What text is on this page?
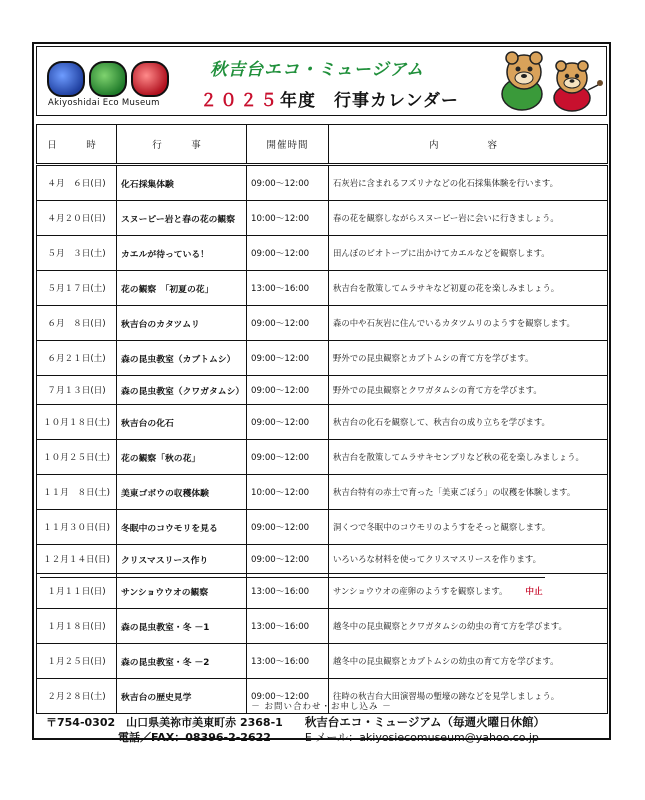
Akiyoshidai Eco Museum
秋吉台エコ・ミュージアム
２０２５年度　行事カレンダー
日　時	行　事	開催時間	内　　容
４月　６日(日)	化石採集体験	09:00～12:00	石灰岩に含まれるフズリナなどの化石採集体験を行います。
４月２０日(日)	スヌーピー岩と春の花の観察	10:00～12:00	春の花を観察しながらスヌーピー岩に会いに行きましょう。
５月　３日(土)	カエルが待っている！	09:00～12:00	田んぼのビオトープに出かけてカエルなどを観察します。
５月１７日(土)	花の観察　「初夏の花」	13:00～16:00	秋吉台を散策してムラサキなど初夏の花を楽しみましょう。
６月　８日(日)	秋吉台のカタツムリ	09:00～12:00	森の中や石灰岩に住んでいるカタツムリのようすを観察します。
６月２１日(土)	森の昆虫教室（カブトムシ）	09:00～12:00	野外での昆虫観察とカブトムシの育て方を学びます。
７月１３日(日)	森の昆虫教室（クワガタムシ）	09:00～12:00	野外での昆虫観察とクワガタムシの育て方を学びます。
１０月１８日(土)	秋吉台の化石	09:00～12:00	秋吉台の化石を観察して、秋吉台の成り立ちを学びます。
１０月２５日(土)	花の観察「秋の花」	09:00～12:00	秋吉台を散策してムラサキセンブリなど秋の花を楽しみましょう。
１１月　８日(土)	美東ゴボウの収穫体験	10:00～12:00	秋吉台特有の赤土で育った「美東ごぼう」の収穫を体験します。
１１月３０日(日)	冬眠中のコウモリを見る	09:00～12:00	洞くつで冬眠中のコウモリのようすをそっと観察します。
１２月１４日(日)	クリスマスリース作り	09:00～12:00	いろいろな材料を使ってクリスマスリースを作ります。
１月１１日(日)	サンショウウオの観察	13:00～16:00	サンショウウオの産卵のようすを観察します。 中止
１月１８日(日)	森の昆虫教室・冬 －1	13:00～16:00	越冬中の昆虫観察とクワガタムシの幼虫の育て方を学びます。
１月２５日(日)	森の昆虫教室・冬 －2	13:00～16:00	越冬中の昆虫観察とカブトムシの幼虫の育て方を学びます。
２月２８日(土)	秋吉台の歴史見学	09:00～12:00	往時の秋吉台大田演習場の塹壕の跡などを見学しましょう。
－ お問い合わせ・お申し込み －
〒754-0302　山口県美祢市美東町赤 2368-1 秋吉台エコ・ミュージアム（毎週火曜日休館）
電話／FAX：08396-2-2622	E メール：akiyosiecomuseum@yahoo.co.jp
